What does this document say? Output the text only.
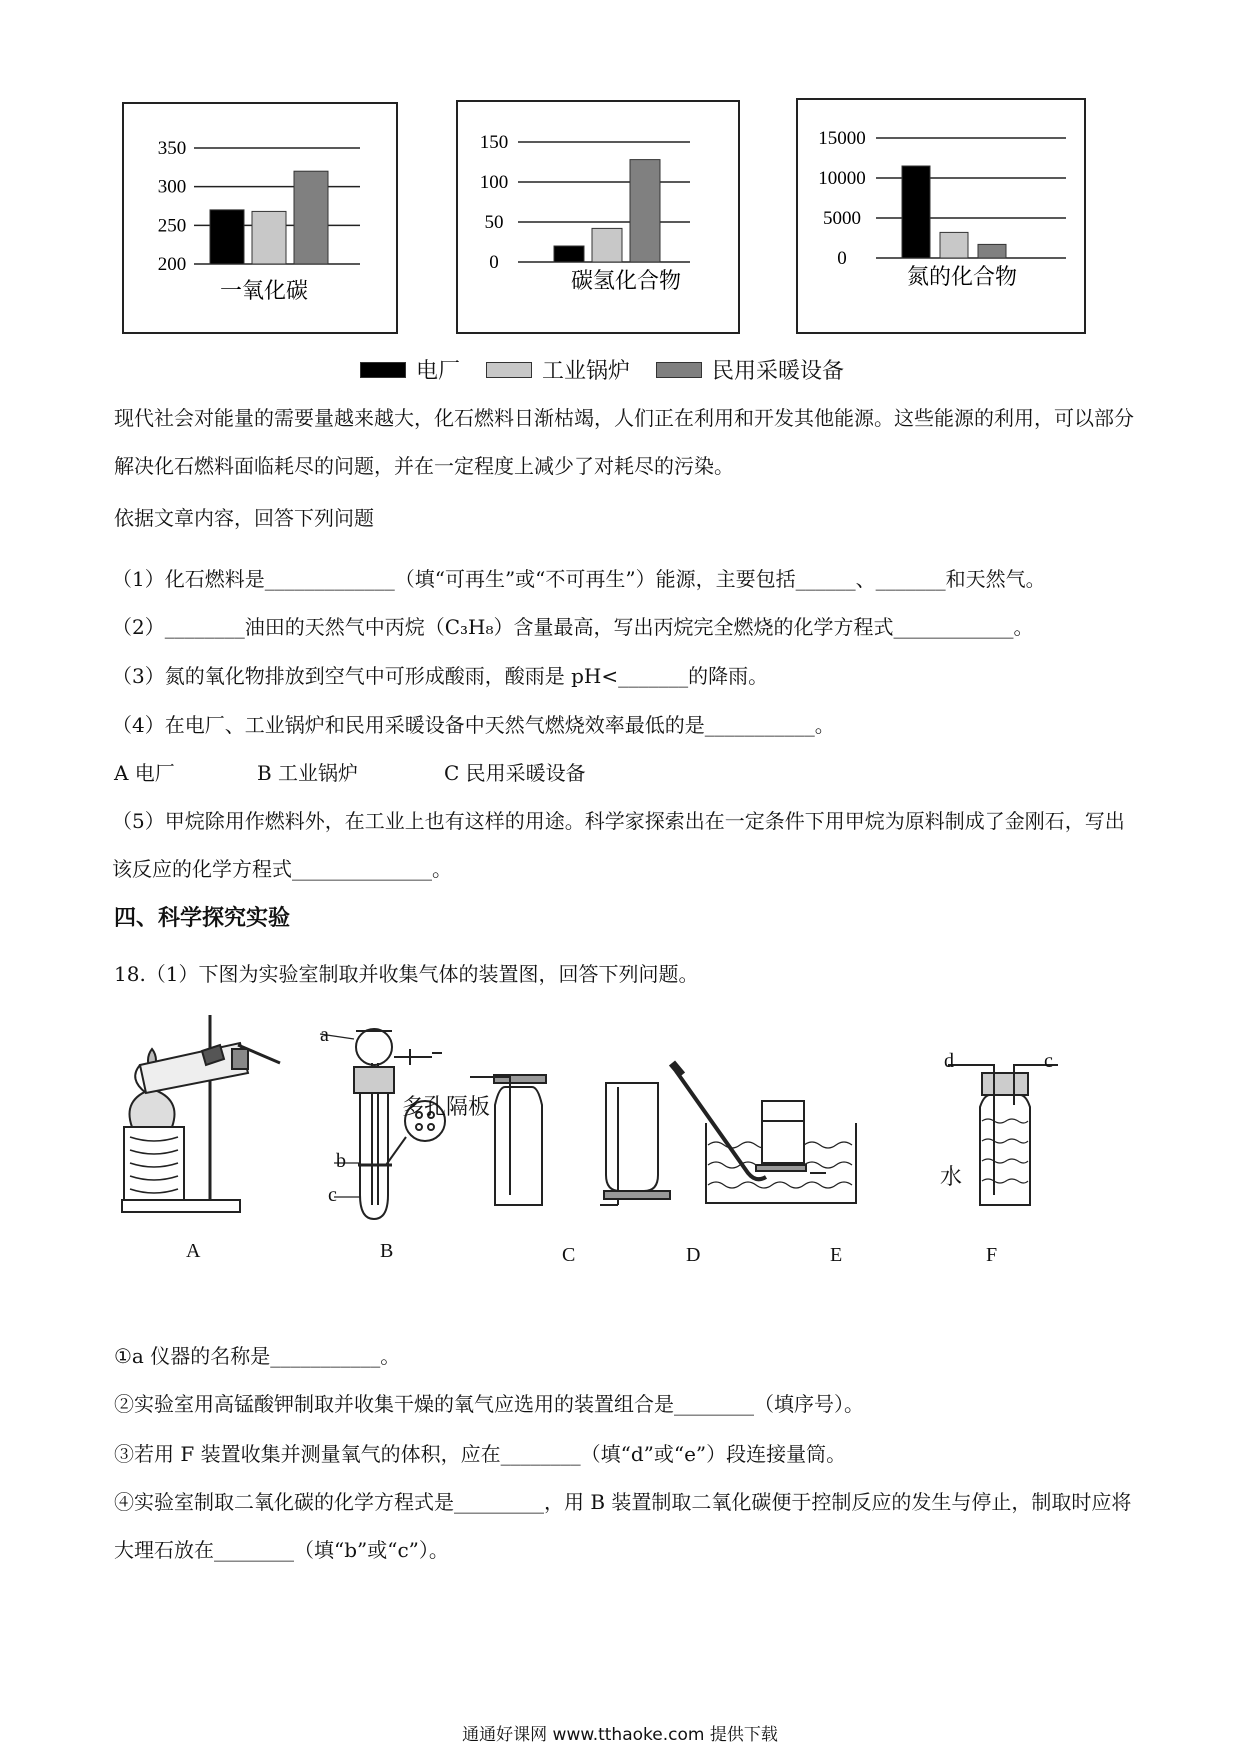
350
300
250
200
一氧化碳
150
100
50
0
碳氢化合物
15000
10000
5000
0
氮的化合物
电厂	工业锅炉	民用采暖设备
现代社会对能量的需要量越来越大，化石燃料日渐枯竭，人们正在利用和开发其他能源。这些能源的利用，可以部分解决化石燃料面临耗尽的问题，并在一定程度上减少了对耗尽的污染。
依据文章内容，回答下列问题
（1）化石燃料是_____________（填“可再生”或“不可再生”）能源，主要包括______、_______和天然气。
（2）________油田的天然气中丙烷（C₃H₈）含量最高，写出丙烷完全燃烧的化学方程式____________。
（3）氮的氧化物排放到空气中可形成酸雨，酸雨是 pH<_______的降雨。
（4）在电厂、工业锅炉和民用采暖设备中天然气燃烧效率最低的是___________。
A 电厂	B 工业锅炉	C 民用采暖设备
（5）甲烷除用作燃料外，在工业上也有这样的用途。科学家探索出在一定条件下用甲烷为原料制成了金刚石，写出该反应的化学方程式______________。
四、科学探究实验
18.（1）下图为实验室制取并收集气体的装置图，回答下列问题。
a
多孔隔板
b
c
d	c
水
A	B	C	D	E	F
①a 仪器的名称是___________。
②实验室用高锰酸钾制取并收集干燥的氧气应选用的装置组合是________（填序号）。
③若用 F 装置收集并测量氧气的体积，应在________（填“d”或“e”）段连接量筒。
④实验室制取二氧化碳的化学方程式是_________，用 B 装置制取二氧化碳便于控制反应的发生与停止，制取时应将大理石放在________（填“b”或“c”）。
通通好课网 www.tthaoke.com 提供下载
